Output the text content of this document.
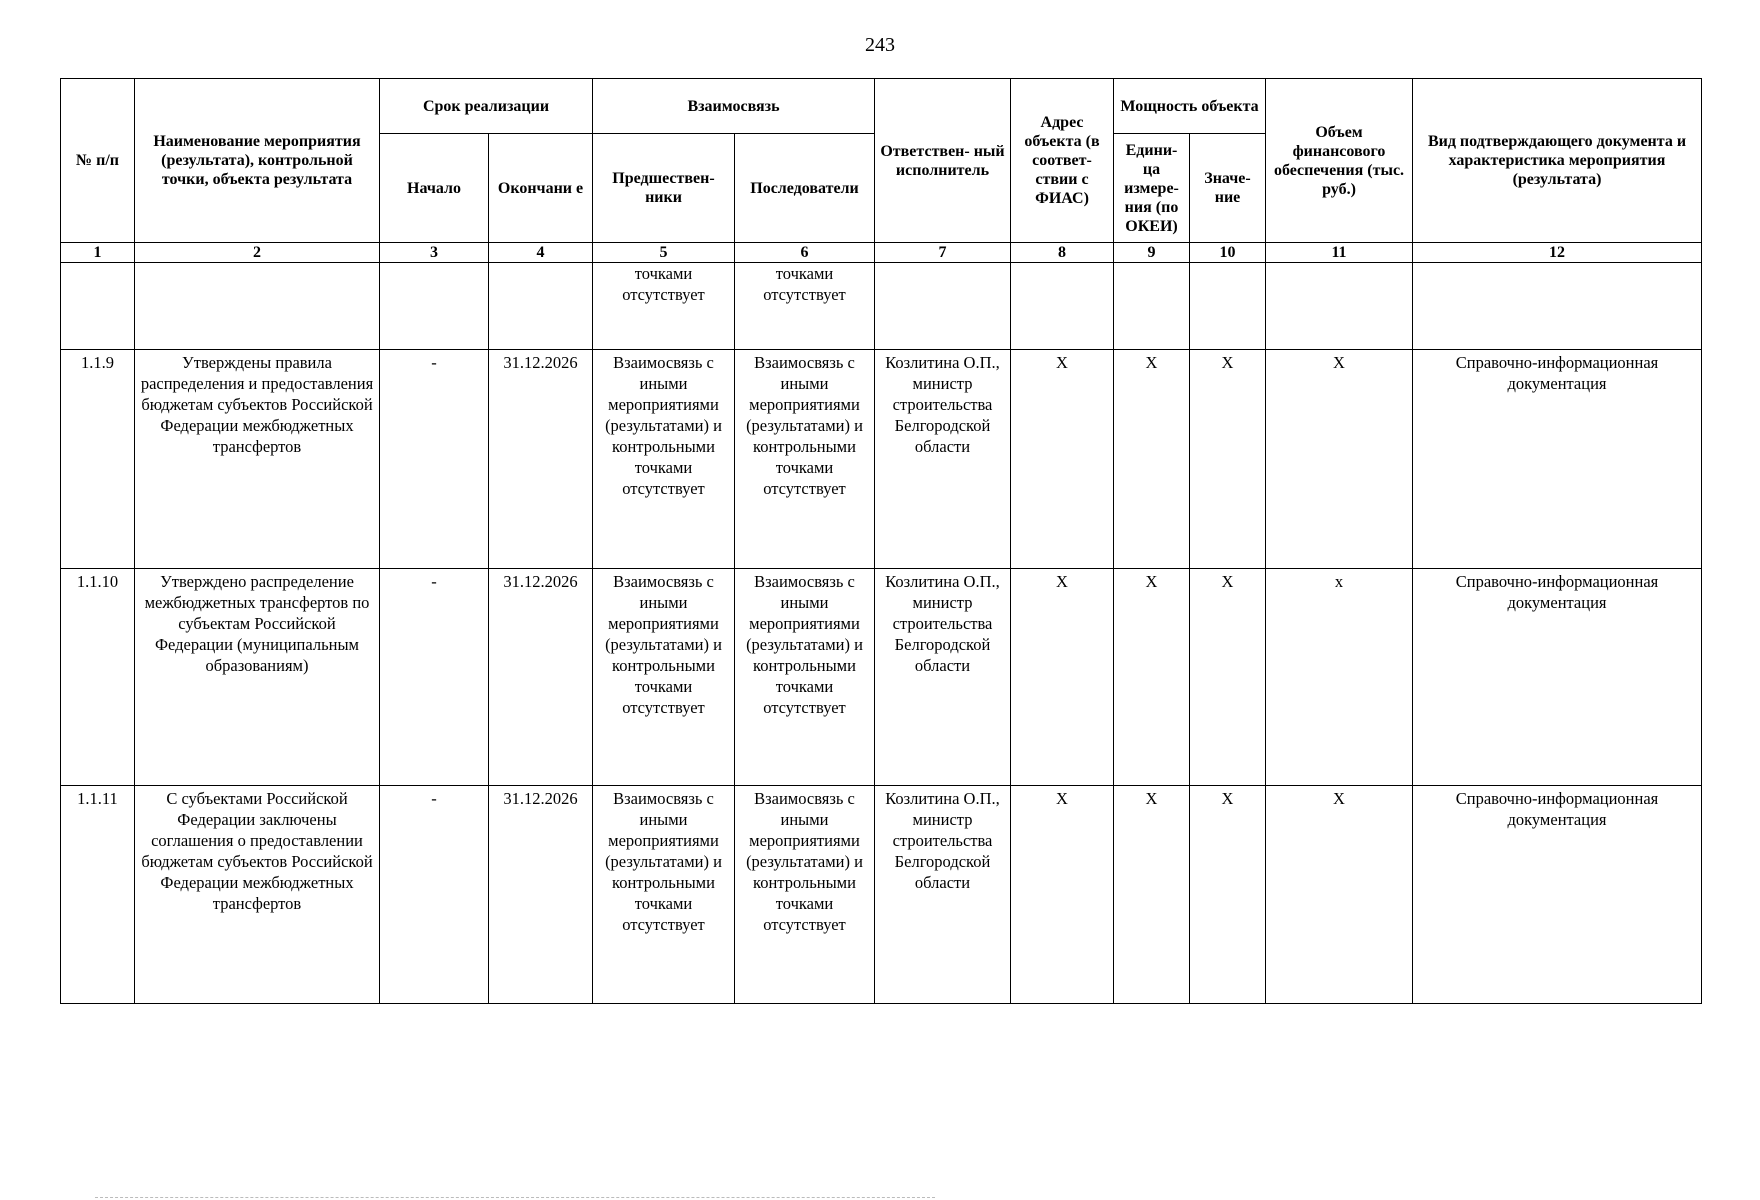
243
№ п/п	Наименование мероприятия (результата), контрольной точки, объекта результата	Срок реализации		Взаимосвязь		Ответствен- ный исполнитель	Адрес объекта (в соответ- ствии с ФИАС)	Мощность объекта		Объем финансового обеспечения (тыс. руб.)	Вид подтверждающего документа и характеристика мероприятия (результата)
		Начало	Окончани е	Предшествен- ники	Последователи			Едини- ца измере- ния (по ОКЕИ)	Значе- ние		
1	2	3	4	5	6	7	8	9	10	11	12
				точками отсутствует	точками отсутствует						
1.1.9	Утверждены правила распределения и предоставления бюджетам субъектов Российской Федерации межбюджетных трансфертов	-	31.12.2026	Взаимосвязь с иными мероприятиями (результатами) и контрольными точками отсутствует	Взаимосвязь с иными мероприятиями (результатами) и контрольными точками отсутствует	Козлитина О.П., министр строительства Белгородской области	X	X	X	X	Справочно-информационная документация
1.1.10	Утверждено распределение межбюджетных трансфертов по субъектам Российской Федерации (муниципальным образованиям)	-	31.12.2026	Взаимосвязь с иными мероприятиями (результатами) и контрольными точками отсутствует	Взаимосвязь с иными мероприятиями (результатами) и контрольными точками отсутствует	Козлитина О.П., министр строительства Белгородской области	X	X	X	x	Справочно-информационная документация
1.1.11	С субъектами Российской Федерации заключены соглашения о предоставлении бюджетам субъектов Российской Федерации межбюджетных трансфертов	-	31.12.2026	Взаимосвязь с иными мероприятиями (результатами) и контрольными точками отсутствует	Взаимосвязь с иными мероприятиями (результатами) и контрольными точками отсутствует	Козлитина О.П., министр строительства Белгородской области	X	X	X	X	Справочно-информационная документация
